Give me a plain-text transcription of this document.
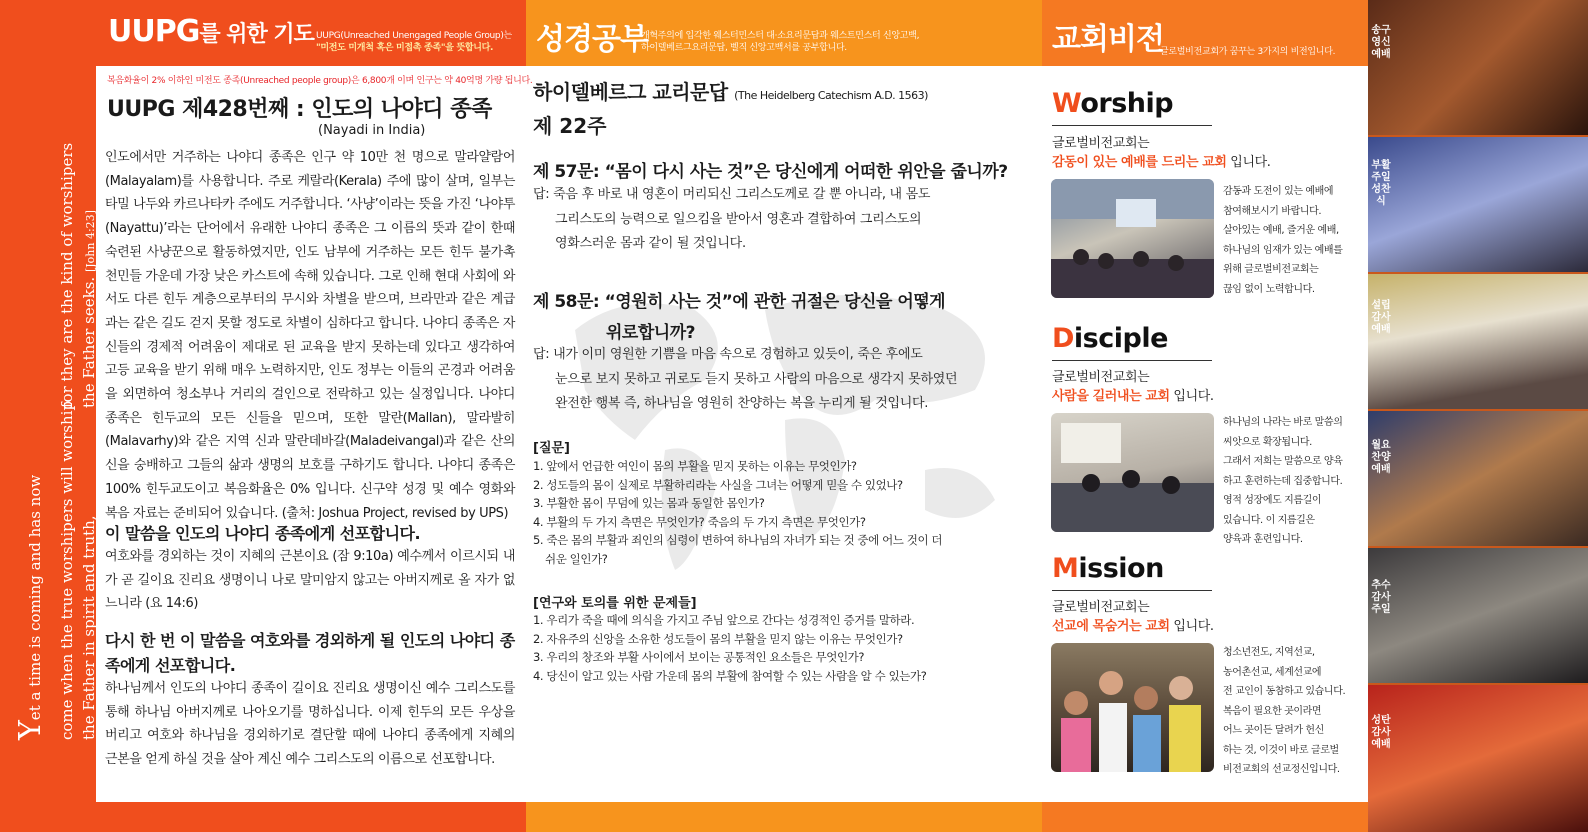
for they are the kind of worshipers the Father seeks. [John 4:23]
Yet a time is coming and has now come when the true worshipers will worship the Father in spirit and truth,
UUPG를 위한 기도 UUPG(Unreached Unengaged People Group)는
"미전도 미개척 혹은 미접촉 종족"을 뜻합니다.	성경공부
개혁주의에 입각한 웨스터민스터 대·소요리문답과 웨스트민스터 신앙고백,
하이델베르그요리문답, 벨직 신앙고백서를 공부합니다.	교회비전
글로벌비전교회가 꿈꾸는 3가지의 비전입니다.
복음화율이 2% 이하인 미전도 종족(Unreached people group)은 6,800개 이며 인구는 약 40억명 가량 됩니다.
UUPG 제428번째 : 인도의 나야디 종족
(Nayadi in India)
인도에서만 거주하는 나야디 종족은 인구 약 10만 천 명으로 말라얄람어(Malayalam)를 사용합니다. 주로 케랄라(Kerala) 주에 많이 살며, 일부는 타밀 나두와 카르나타카 주에도 거주합니다. ‘사냥’이라는 뜻을 가진 ‘나야투(Nayattu)’라는 단어에서 유래한 나야디 종족은 그 이름의 뜻과 같이 한때 숙련된 사냥꾼으로 활동하였지만, 인도 남부에 거주하는 모든 힌두 불가촉 천민들 가운데 가장 낮은 카스트에 속해 있습니다. 그로 인해 현대 사회에 와서도 다른 힌두 계층으로부터의 무시와 차별을 받으며, 브라만과 같은 계급과는 같은 길도 걷지 못할 정도로 차별이 심하다고 합니다. 나야디 종족은 자신들의 경제적 어려움이 제대로 된 교육을 받지 못하는데 있다고 생각하여 고등 교육을 받기 위해 매우 노력하지만, 인도 정부는 이들의 곤경과 어려움을 외면하여 청소부나 거리의 걸인으로 전락하고 있는 실정입니다. 나야디 종족은 힌두교의 모든 신들을 믿으며, 또한 말란(Mallan), 말라발히(Malavarhy)와 같은 지역 신과 말란데바갈(Maladeivangal)과 같은 산의 신을 숭배하고 그들의 삶과 생명의 보호를 구하기도 합니다. 나야디 종족은 100% 힌두교도이고 복음화율은 0% 입니다. 신구약 성경 및 예수 영화와 복음 자료는 준비되어 있습니다. (출처: Joshua Project, revised by UPS)
이 말씀을 인도의 나야디 종족에게 선포합니다.
여호와를 경외하는 것이 지혜의 근본이요 (잠 9:10a) 예수께서 이르시되 내가 곧 길이요 진리요 생명이니 나로 말미암지 않고는 아버지께로 올 자가 없느니라 (요 14:6)
다시 한 번 이 말씀을 여호와를 경외하게 될 인도의 나야디 종족에게 선포합니다.
하나님께서 인도의 나야디 종족이 길이요 진리요 생명이신 예수 그리스도를 통해 하나님 아버지께로 나아오기를 명하십니다. 이제 힌두의 모든 우상을 버리고 여호와 하나님을 경외하기로 결단할 때에 나야디 종족에게 지혜의 근본을 얻게 하실 것을 살아 계신 예수 그리스도의 이름으로 선포합니다.
하이델베르그 교리문답 (The Heidelberg Catechism A.D. 1563)
제 22주
제 57문: “몸이 다시 사는 것”은 당신에게 어떠한 위안을 줍니까?
답: 죽음 후 바로 내 영혼이 머리되신 그리스도께로 갈 뿐 아니라, 내 몸도
그리스도의 능력으로 일으킴을 받아서 영혼과 결합하여 그리스도의
영화스러운 몸과 같이 될 것입니다.
제 58문: “영원히 사는 것”에 관한 귀절은 당신을 어떻게
위로합니까?
답: 내가 이미 영원한 기쁨을 마음 속으로 경험하고 있듯이, 죽은 후에도
눈으로 보지 못하고 귀로도 듣지 못하고 사람의 마음으로 생각지 못하였던
완전한 행복 즉, 하나님을 영원히 찬양하는 복을 누리게 될 것입니다.
[질문]
1. 앞에서 언급한 여인이 몸의 부활을 믿지 못하는 이유는 무엇인가?
2. 성도들의 몸이 실제로 부활하리라는 사실을 그녀는 어떻게 믿을 수 있었나?
3. 부활한 몸이 무덤에 있는 몸과 동일한 몸인가?
4. 부활의 두 가지 측면은 무엇인가? 죽음의 두 가지 측면은 무엇인가?
5. 죽은 몸의 부활과 죄인의 심령이 변하여 하나님의 자녀가 되는 것 중에 어느 것이 더
쉬운 일인가?
[연구와 토의를 위한 문제들]
1. 우리가 죽을 때에 의식을 가지고 주님 앞으로 간다는 성경적인 증거를 말하라.
2. 자유주의 신앙을 소유한 성도들이 몸의 부활을 믿지 않는 이유는 무엇인가?
3. 우리의 창조와 부활 사이에서 보이는 공통적인 요소들은 무엇인가?
4. 당신이 알고 있는 사람 가운데 몸의 부활에 참여할 수 있는 사람을 알 수 있는가?
Worship
글로벌비전교회는
감동이 있는 예배를 드리는 교회 입니다.
감동과 도전이 있는 예배에
참여해보시기 바랍니다.
살아있는 예배, 즐거운 예배,
하나님의 임재가 있는 예배를
위해 글로벌비전교회는
끊임 없이 노력합니다.
Disciple
글로벌비전교회는
사람을 길러내는 교회 입니다.
하나님의 나라는 바로 말씀의
씨앗으로 확장됩니다.
그래서 저희는 말씀으로 양육
하고 훈련하는데 집중합니다.
영적 성장에도 지름길이
있습니다. 이 지름길은
양육과 훈련입니다.
Mission
글로벌비전교회는
선교에 목숨거는 교회 입니다.
청소년전도, 지역선교,
농어촌선교, 세계선교에
전 교인이 동참하고 있습니다.
복음이 필요한 곳이라면
어느 곳이든 달려가 헌신
하는 것, 이것이 바로 글로벌
비전교회의 선교정신입니다.
송구영신예배
부활주일 성찬식
설립감사예배
월요찬양예배
추수감사주일
성탄감사예배
